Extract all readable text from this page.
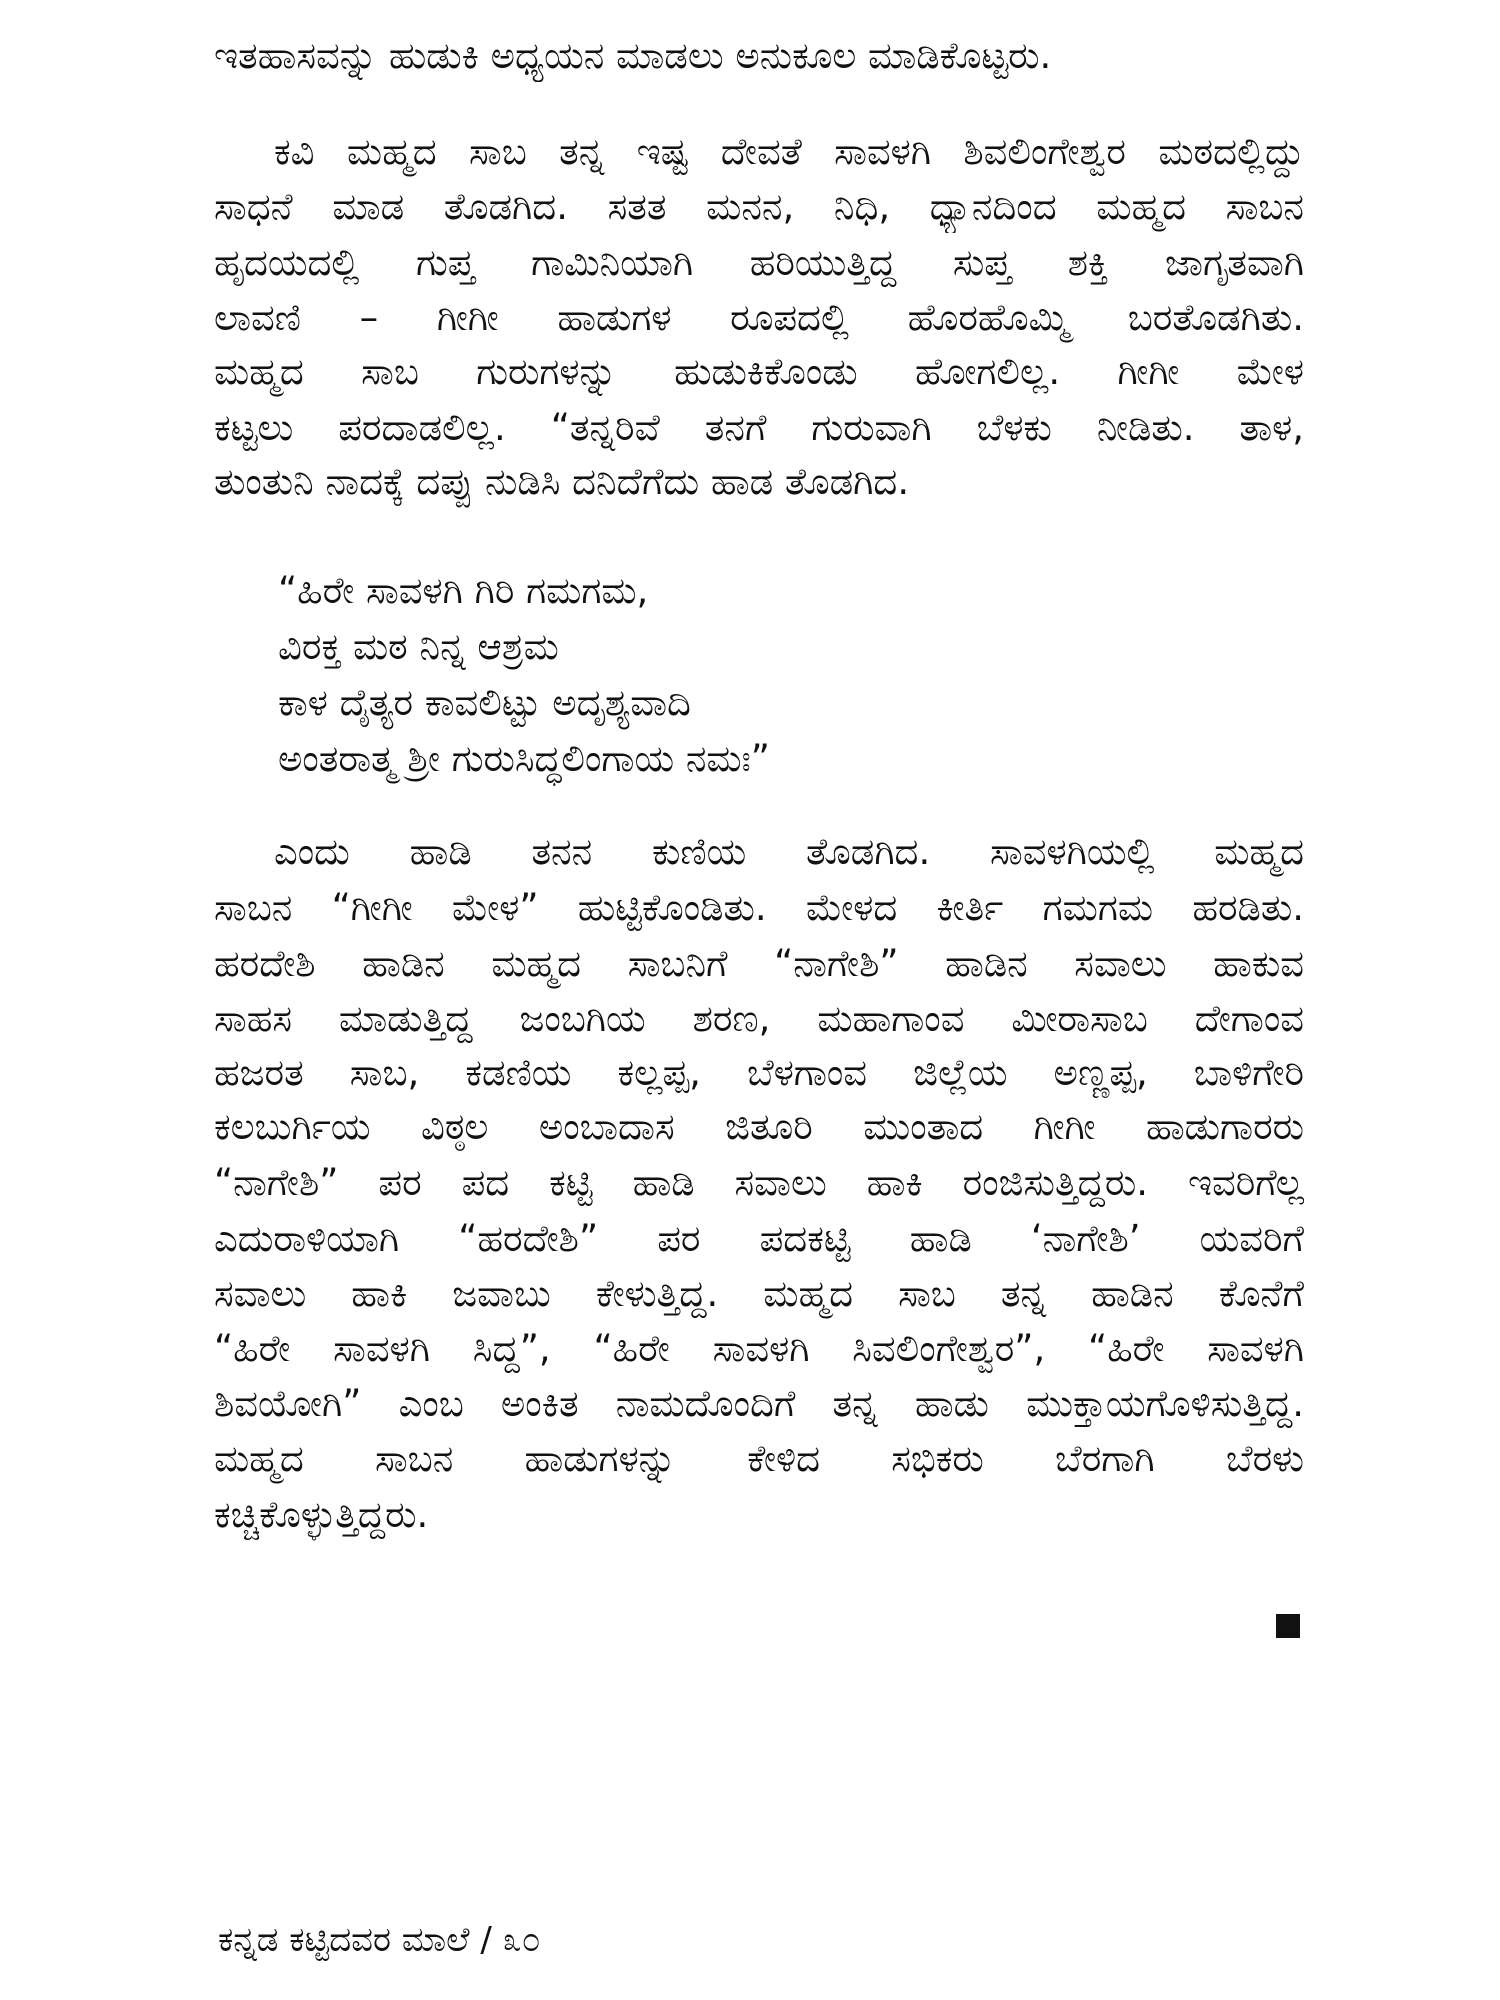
ಇತಹಾಸವನ್ನು ಹುಡುಕಿ ಅಧ್ಯಯನ ಮಾಡಲು ಅನುಕೂಲ ಮಾಡಿಕೊಟ್ಟರು.
ಕವಿ ಮಹ್ಮದ ಸಾಬ ತನ್ನ ಇಷ್ಟ ದೇವತೆ ಸಾವಳಗಿ ಶಿವಲಿಂಗೇಶ್ವರ ಮಠದಲ್ಲಿದ್ದು
ಸಾಧನೆ ಮಾಡ ತೊಡಗಿದ. ಸತತ ಮನನ, ನಿಧಿ, ಧ್ಯಾನದಿಂದ ಮಹ್ಮದ ಸಾಬನ
ಹೃದಯದಲ್ಲಿ ಗುಪ್ತ ಗಾಮಿನಿಯಾಗಿ ಹರಿಯುತ್ತಿದ್ದ ಸುಪ್ತ ಶಕ್ತಿ ಜಾಗೃತವಾಗಿ
ಲಾವಣಿ – ಗೀಗೀ ಹಾಡುಗಳ ರೂಪದಲ್ಲಿ ಹೊರಹೊಮ್ಮಿ ಬರತೊಡಗಿತು.
ಮಹ್ಮದ ಸಾಬ ಗುರುಗಳನ್ನು ಹುಡುಕಿಕೊಂಡು ಹೋಗಲಿಲ್ಲ. ಗೀಗೀ ಮೇಳ
ಕಟ್ಟಲು ಪರದಾಡಲಿಲ್ಲ. “ತನ್ನರಿವೆ ತನಗೆ ಗುರುವಾಗಿ ಬೆಳಕು ನೀಡಿತು. ತಾಳ,
ತುಂತುನಿ ನಾದಕ್ಕೆ ದಪ್ಪು ನುಡಿಸಿ ದನಿದೆಗೆದು ಹಾಡ ತೊಡಗಿದ.
“ಹಿರೇ ಸಾವಳಗಿ ಗಿರಿ ಗಮಗಮ,
ವಿರಕ್ತ ಮಠ ನಿನ್ನ ಆಶ್ರಮ
ಕಾಳ ದೈತ್ಯರ ಕಾವಲಿಟ್ಟು ಅದೃಶ್ಯವಾದಿ
ಅಂತರಾತ್ಮ ಶ್ರೀ ಗುರುಸಿದ್ಧಲಿಂಗಾಯ ನಮಃ”
ಎಂದು ಹಾಡಿ ತನನ ಕುಣಿಯ ತೊಡಗಿದ. ಸಾವಳಗಿಯಲ್ಲಿ ಮಹ್ಮದ
ಸಾಬನ “ಗೀಗೀ ಮೇಳ” ಹುಟ್ಟಿಕೊಂಡಿತು. ಮೇಳದ ಕೀರ್ತಿ ಗಮಗಮ ಹರಡಿತು.
ಹರದೇಶಿ ಹಾಡಿನ ಮಹ್ಮದ ಸಾಬನಿಗೆ “ನಾಗೇಶಿ” ಹಾಡಿನ ಸವಾಲು ಹಾಕುವ
ಸಾಹಸ ಮಾಡುತ್ತಿದ್ದ ಜಂಬಗಿಯ ಶರಣ, ಮಹಾಗಾಂವ ಮೀರಾಸಾಬ ದೇಗಾಂವ
ಹಜರತ ಸಾಬ, ಕಡಣಿಯ ಕಲ್ಲಪ್ಪ, ಬೆಳಗಾಂವ ಜಿಲ್ಲೆಯ ಅಣ್ಣಪ್ಪ, ಬಾಳಿಗೇರಿ
ಕಲಬುರ್ಗಿಯ ವಿಠ್ಠಲ ಅಂಬಾದಾಸ ಜಿತೂರಿ ಮುಂತಾದ ಗೀಗೀ ಹಾಡುಗಾರರು
“ನಾಗೇಶಿ” ಪರ ಪದ ಕಟ್ಟಿ ಹಾಡಿ ಸವಾಲು ಹಾಕಿ ರಂಜಿಸುತ್ತಿದ್ದರು. ಇವರಿಗೆಲ್ಲ
ಎದುರಾಳಿಯಾಗಿ “ಹರದೇಶಿ” ಪರ ಪದಕಟ್ಟಿ ಹಾಡಿ ‘ನಾಗೇಶಿ’ ಯವರಿಗೆ
ಸವಾಲು ಹಾಕಿ ಜವಾಬು ಕೇಳುತ್ತಿದ್ದ. ಮಹ್ಮದ ಸಾಬ ತನ್ನ ಹಾಡಿನ ಕೊನೆಗೆ
“ಹಿರೇ ಸಾವಳಗಿ ಸಿದ್ದ”, “ಹಿರೇ ಸಾವಳಗಿ ಸಿವಲಿಂಗೇಶ್ವರ”, “ಹಿರೇ ಸಾವಳಗಿ
ಶಿವಯೋಗಿ” ಎಂಬ ಅಂಕಿತ ನಾಮದೊಂದಿಗೆ ತನ್ನ ಹಾಡು ಮುಕ್ತಾಯಗೊಳಿಸುತ್ತಿದ್ದ.
ಮಹ್ಮದ ಸಾಬನ ಹಾಡುಗಳನ್ನು ಕೇಳಿದ ಸಭಿಕರು ಬೆರಗಾಗಿ ಬೆರಳು
ಕಚ್ಚಿಕೊಳ್ಳುತ್ತಿದ್ದರು.
ಕನ್ನಡ ಕಟ್ಟಿದವರ ಮಾಲೆ / ೩೦
